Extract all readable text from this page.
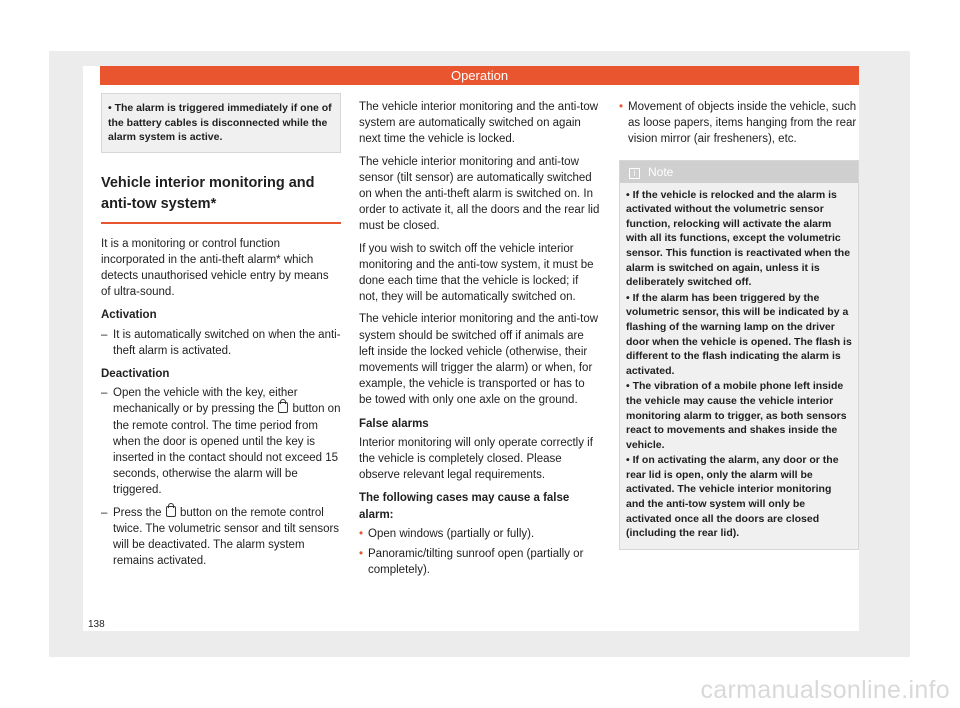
Operation
• The alarm is triggered immediately if one of the battery cables is disconnected while the alarm system is active.
Vehicle interior monitoring and anti-tow system*

It is a monitoring or control function incorporated in the anti-theft alarm* which detects unauthorised vehicle entry by means of ultra-sound.

Activation
– It is automatically switched on when the anti-theft alarm is activated.
Deactivation
– Open the vehicle with the key, either mechanically or by pressing the button on the remote control. The time period from when the door is opened until the key is inserted in the contact should not exceed 15 seconds, otherwise the alarm will be triggered.
– Press the button on the remote control twice. The volumetric sensor and tilt sensors will be deactivated. The alarm system remains activated.

The vehicle interior monitoring and the anti-tow system are automatically switched on again next time the vehicle is locked.

The vehicle interior monitoring and anti-tow sensor (tilt sensor) are automatically switched on when the anti-theft alarm is switched on. In order to activate it, all the doors and the rear lid must be closed.

If you wish to switch off the vehicle interior monitoring and the anti-tow system, it must be done each time that the vehicle is locked; if not, they will be automatically switched on.

The vehicle interior monitoring and the anti-tow system should be switched off if animals are left inside the locked vehicle (otherwise, their movements will trigger the alarm) or when, for example, the vehicle is transported or has to be towed with only one axle on the ground.

False alarms

Interior monitoring will only operate correctly if the vehicle is completely closed. Please observe relevant legal requirements.

The following cases may cause a false alarm:
• Open windows (partially or fully).
• Panoramic/tilting sunroof open (partially or completely).
• Movement of objects inside the vehicle, such as loose papers, items hanging from the rear vision mirror (air fresheners), etc.
i Note
• If the vehicle is relocked and the alarm is activated without the volumetric sensor function, relocking will activate the alarm with all its functions, except the volumetric sensor. This function is reactivated when the alarm is switched on again, unless it is deliberately switched off.
• If the alarm has been triggered by the volumetric sensor, this will be indicated by a flashing of the warning lamp on the driver door when the vehicle is opened. The flash is different to the flash indicating the alarm is activated.
• The vibration of a mobile phone left inside the vehicle may cause the vehicle interior monitoring alarm to trigger, as both sensors react to movements and shakes inside the vehicle.
• If on activating the alarm, any door or the rear lid is open, only the alarm will be activated. The vehicle interior monitoring and the anti-tow system will only be activated once all the doors are closed (including the rear lid).
138
carmanualsonline.info
